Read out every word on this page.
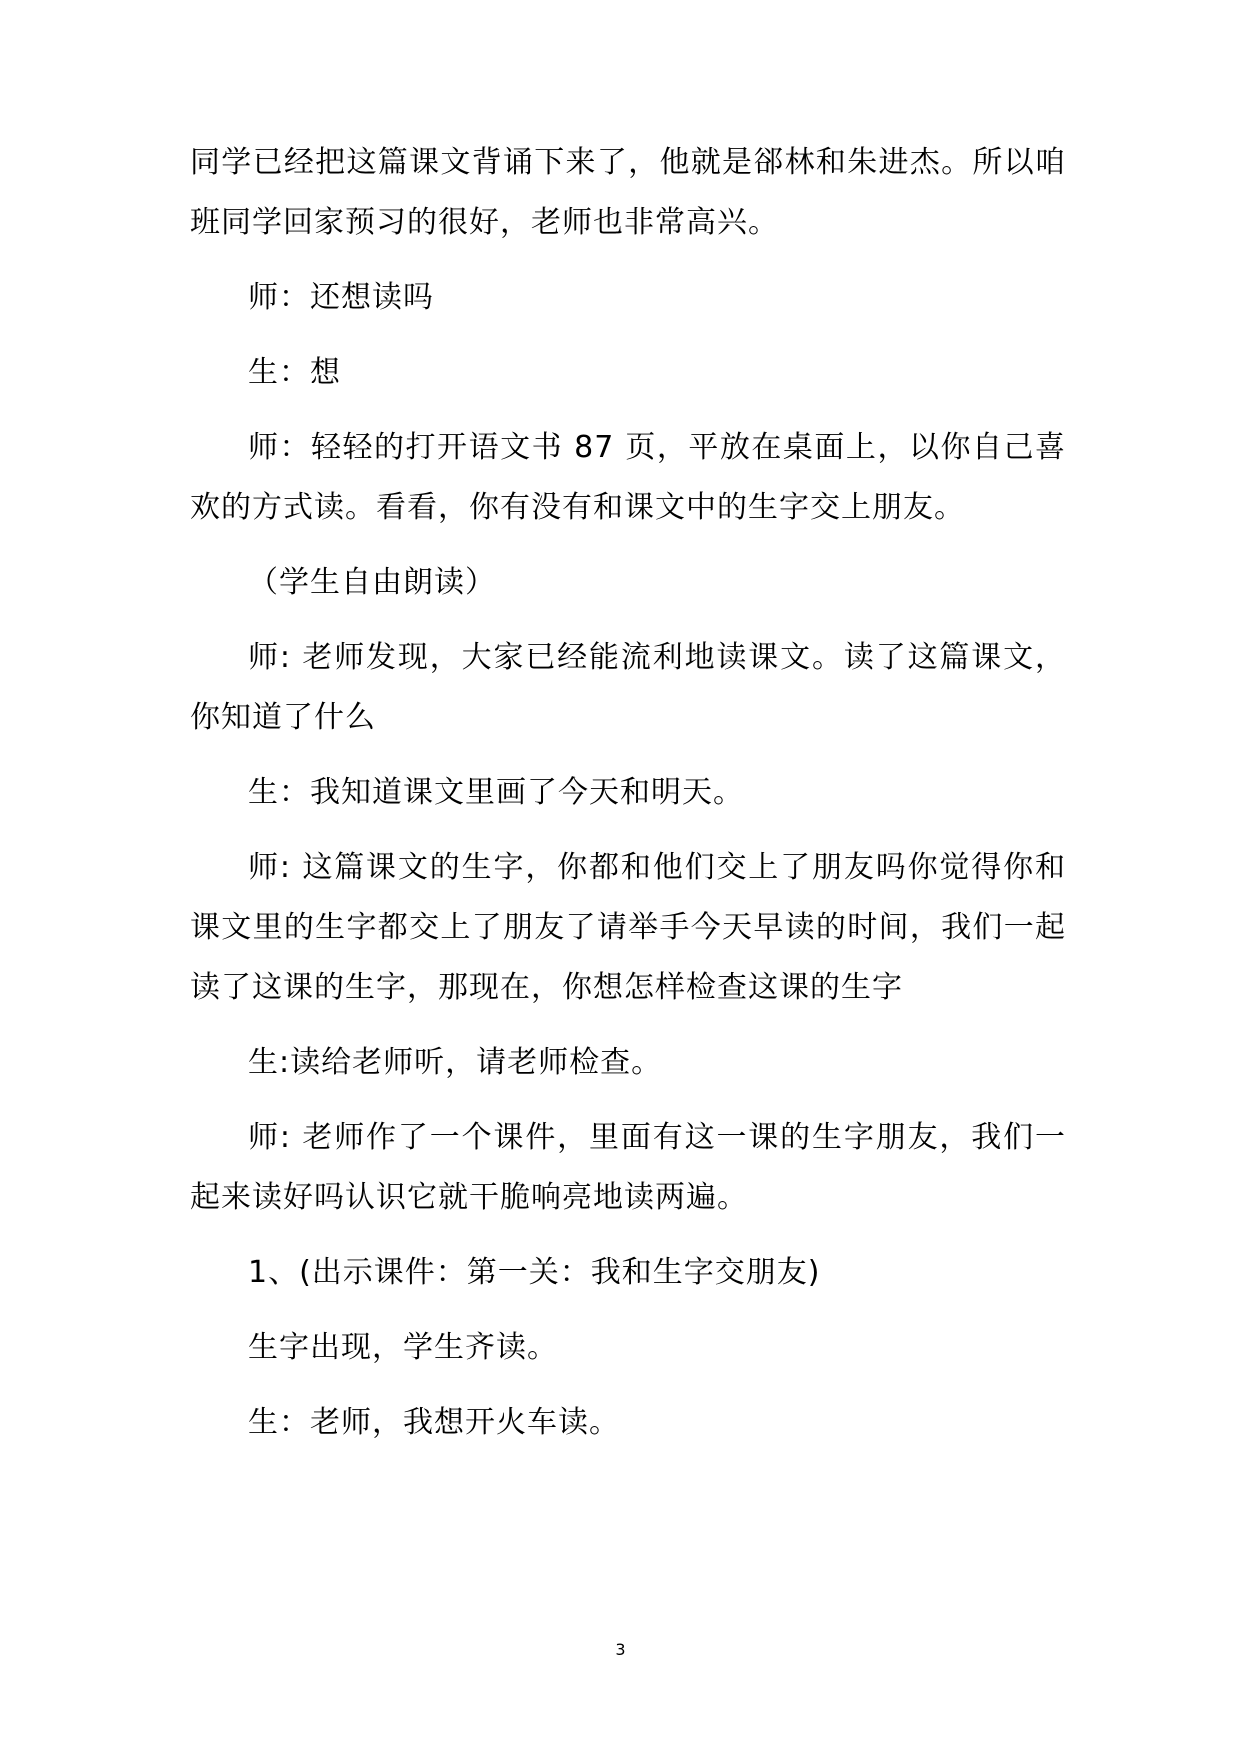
同学已经把这篇课文背诵下来了，他就是郤林和朱进杰。所以咱班同学回家预习的很好，老师也非常高兴。

师：还想读吗

生：想

师：轻轻的打开语文书 87 页，平放在桌面上，以你自己喜欢的方式读。看看，你有没有和课文中的生字交上朋友。

（学生自由朗读）

师: 老师发现，大家已经能流利地读课文。读了这篇课文，你知道了什么

生：我知道课文里画了今天和明天。

师: 这篇课文的生字，你都和他们交上了朋友吗你觉得你和课文里的生字都交上了朋友了请举手今天早读的时间，我们一起读了这课的生字，那现在，你想怎样检查这课的生字

生:读给老师听，请老师检查。

师: 老师作了一个课件，里面有这一课的生字朋友，我们一起来读好吗认识它就干脆响亮地读两遍。

1、(出示课件：第一关：我和生字交朋友)

生字出现，学生齐读。

生：老师，我想开火车读。

3
